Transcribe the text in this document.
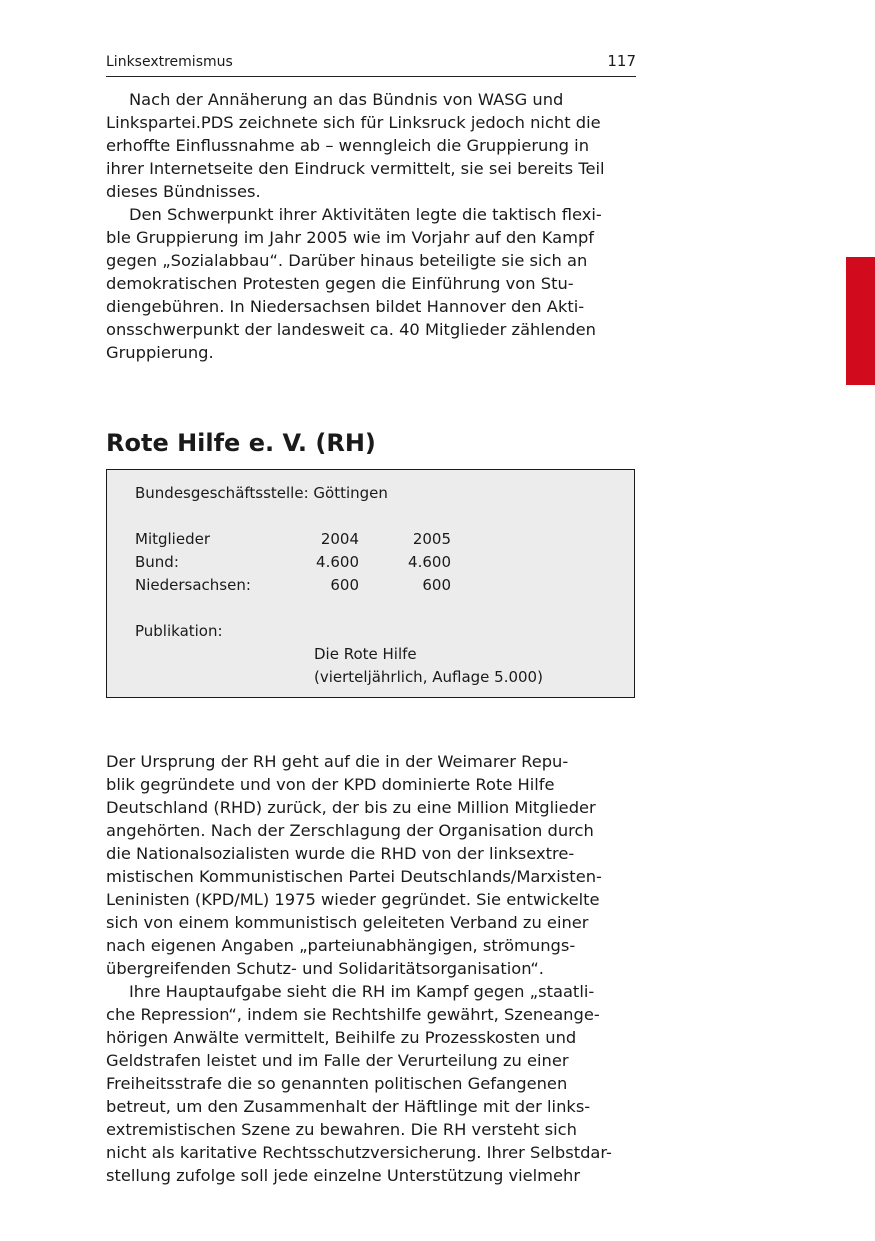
Linksextremismus	117

Nach der Annäherung an das Bündnis von WASG und
Linkspartei.PDS zeichnete sich für Linksruck jedoch nicht die
erhoffte Einflussnahme ab – wenngleich die Gruppierung in
ihrer Internetseite den Eindruck vermittelt, sie sei bereits Teil
dieses Bündnisses.

Den Schwerpunkt ihrer Aktivitäten legte die taktisch flexi-
ble Gruppierung im Jahr 2005 wie im Vorjahr auf den Kampf
gegen „Sozialabbau“. Darüber hinaus beteiligte sie sich an
demokratischen Protesten gegen die Einführung von Stu-
diengebühren. In Niedersachsen bildet Hannover den Akti-
onsschwerpunkt der landesweit ca. 40 Mitglieder zählenden
Gruppierung.

Rote Hilfe e. V. (RH)
Bundesgeschäftsstelle: Göttingen
Mitglieder	2004	2005
Bund:	4.600	4.600
Niedersachsen:	600	600
Publikation:
Die Rote Hilfe
(vierteljährlich, Auflage 5.000)

Der Ursprung der RH geht auf die in der Weimarer Repu-
blik gegründete und von der KPD dominierte Rote Hilfe
Deutschland (RHD) zurück, der bis zu eine Million Mitglieder
angehörten. Nach der Zerschlagung der Organisation durch
die Nationalsozialisten wurde die RHD von der linksextre-
mistischen Kommunistischen Partei Deutschlands/Marxisten-
Leninisten (KPD/ML) 1975 wieder gegründet. Sie entwickelte
sich von einem kommunistisch geleiteten Verband zu einer
nach eigenen Angaben „parteiunabhängigen, strömungs-
übergreifenden Schutz- und Solidaritätsorganisation“.

Ihre Hauptaufgabe sieht die RH im Kampf gegen „staatli-
che Repression“, indem sie Rechtshilfe gewährt, Szeneange-
hörigen Anwälte vermittelt, Beihilfe zu Prozesskosten und
Geldstrafen leistet und im Falle der Verurteilung zu einer
Freiheitsstrafe die so genannten politischen Gefangenen
betreut, um den Zusammenhalt der Häftlinge mit der links-
extremistischen Szene zu bewahren. Die RH versteht sich
nicht als karitative Rechtsschutzversicherung. Ihrer Selbstdar-
stellung zufolge soll jede einzelne Unterstützung vielmehr
